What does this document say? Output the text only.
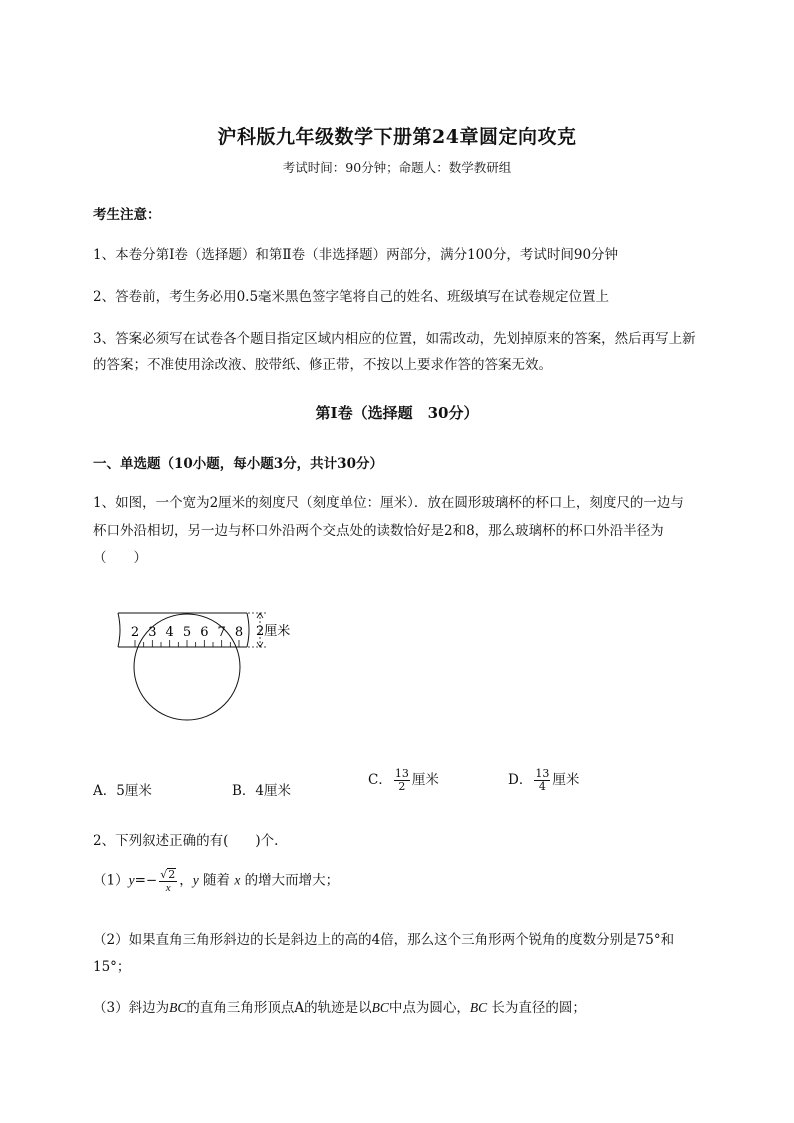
沪科版九年级数学下册第24章圆定向攻克
考试时间：90分钟；命题人：数学教研组
考生注意：
1、本卷分第I卷（选择题）和第Ⅱ卷（非选择题）两部分，满分100分，考试时间90分钟
2、答卷前，考生务必用0.5毫米黑色签字笔将自己的姓名、班级填写在试卷规定位置上
3、答案必须写在试卷各个题目指定区域内相应的位置，如需改动，先划掉原来的答案，然后再写上新
的答案；不准使用涂改液、胶带纸、修正带，不按以上要求作答的答案无效。
第I卷（选择题　30分）
一、单选题（10小题，每小题3分，共计30分）
1、如图，一个宽为2厘米的刻度尺（刻度单位：厘米）．放在圆形玻璃杯的杯口上，刻度尺的一边与
杯口外沿相切，另一边与杯口外沿两个交点处的读数恰好是2和8，那么玻璃杯的杯口外沿半径为
（　　）
2 3 4 5 6 7 8 2厘米
A．5厘米	B．4厘米
C． $\frac{13}{2}$ 厘米	D． $\frac{13}{4}$ 厘米
2、下列叙述正确的有(　　)个.
$(1)y=- \frac{√2}{x}$ ，y 随着 x 的增大而增大；
（2）如果直角三角形斜边的长是斜边上的高的4倍，那么这个三角形两个锐角的度数分别是75°和
15°；
（3）斜边为BC的直角三角形顶点A的轨迹是以BC中点为圆心，BC 长为直径的圆；
